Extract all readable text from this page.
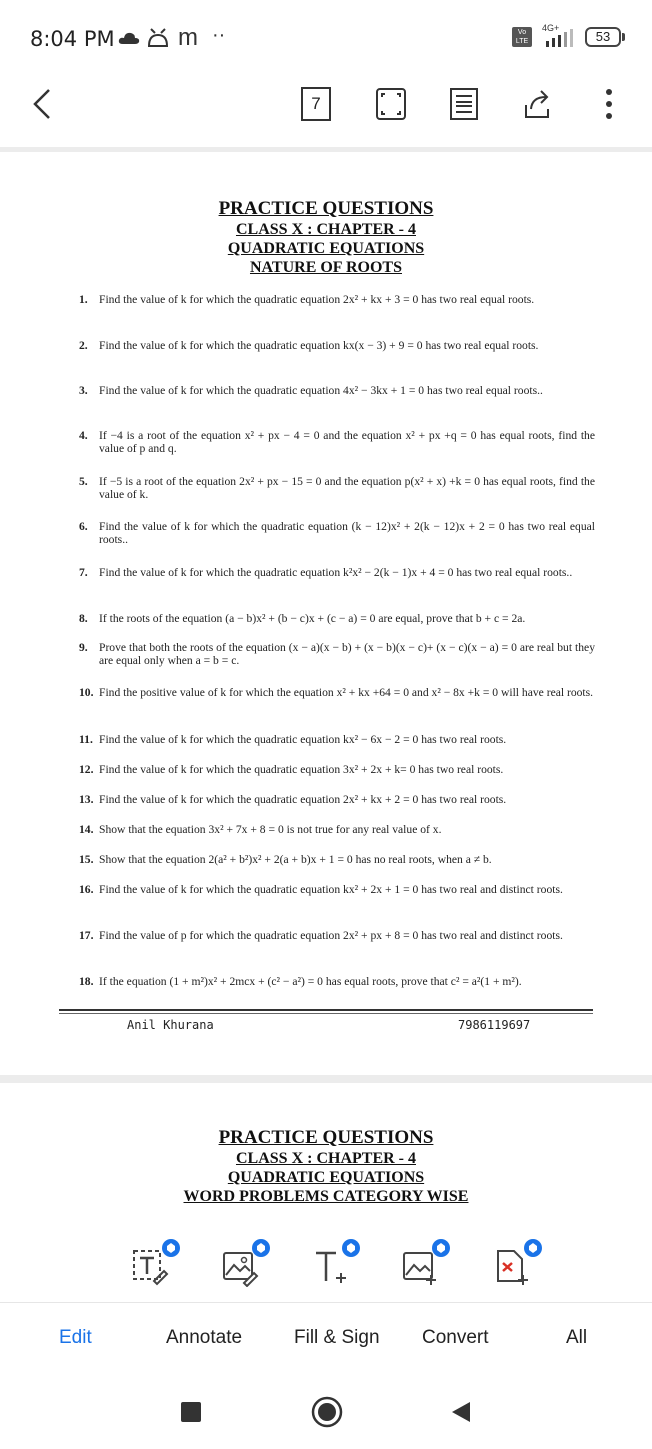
8:04 PM	m ··	Vo LTE
4G+
53
7
PRACTICE QUESTIONS
CLASS X : CHAPTER - 4
QUADRATIC EQUATIONS
NATURE OF ROOTS
1. Find the value of k for which the quadratic equation 2x² + kx + 3 = 0 has two real equal roots.
2. Find the value of k for which the quadratic equation kx(x − 3) + 9 = 0 has two real equal roots.
3. Find the value of k for which the quadratic equation 4x² − 3kx + 1 = 0 has two real equal roots..
4. If −4 is a root of the equation x² + px − 4 = 0 and the equation x² + px +q = 0 has equal roots, find the value of p and q.
5. If −5 is a root of the equation 2x² + px − 15 = 0 and the equation p(x² + x) +k = 0 has equal roots, find the value of k.
6. Find the value of k for which the quadratic equation (k − 12)x² + 2(k − 12)x + 2 = 0 has two real equal roots..
7. Find the value of k for which the quadratic equation k²x² − 2(k − 1)x + 4 = 0 has two real equal roots..
8. If the roots of the equation (a − b)x² + (b − c)x + (c − a) = 0 are equal, prove that b + c = 2a.
9. Prove that both the roots of the equation (x − a)(x − b) + (x − b)(x − c)+ (x − c)(x − a) = 0 are real but they are equal only when a = b = c.
10. Find the positive value of k for which the equation x² + kx +64 = 0 and x² − 8x +k = 0 will have real roots.
11. Find the value of k for which the quadratic equation kx² − 6x − 2 = 0 has two real roots.
12. Find the value of k for which the quadratic equation 3x² + 2x + k= 0 has two real roots.
13. Find the value of k for which the quadratic equation 2x² + kx + 2 = 0 has two real roots.
14. Show that the equation 3x² + 7x + 8 = 0 is not true for any real value of x.
15. Show that the equation 2(a² + b²)x² + 2(a + b)x + 1 = 0 has no real roots, when a ≠ b.
16. Find the value of k for which the quadratic equation kx² + 2x + 1 = 0 has two real and distinct roots.
17. Find the value of p for which the quadratic equation 2x² + px + 8 = 0 has two real and distinct roots.
18. If the equation (1 + m²)x² + 2mcx + (c² − a²) = 0 has equal roots, prove that c² = a²(1 + m²).
Anil Khurana	7986119697
PRACTICE QUESTIONS
CLASS X : CHAPTER - 4
QUADRATIC EQUATIONS
WORD PROBLEMS CATEGORY WISE
Edit	Annotate	Fill & Sign Convert	All
